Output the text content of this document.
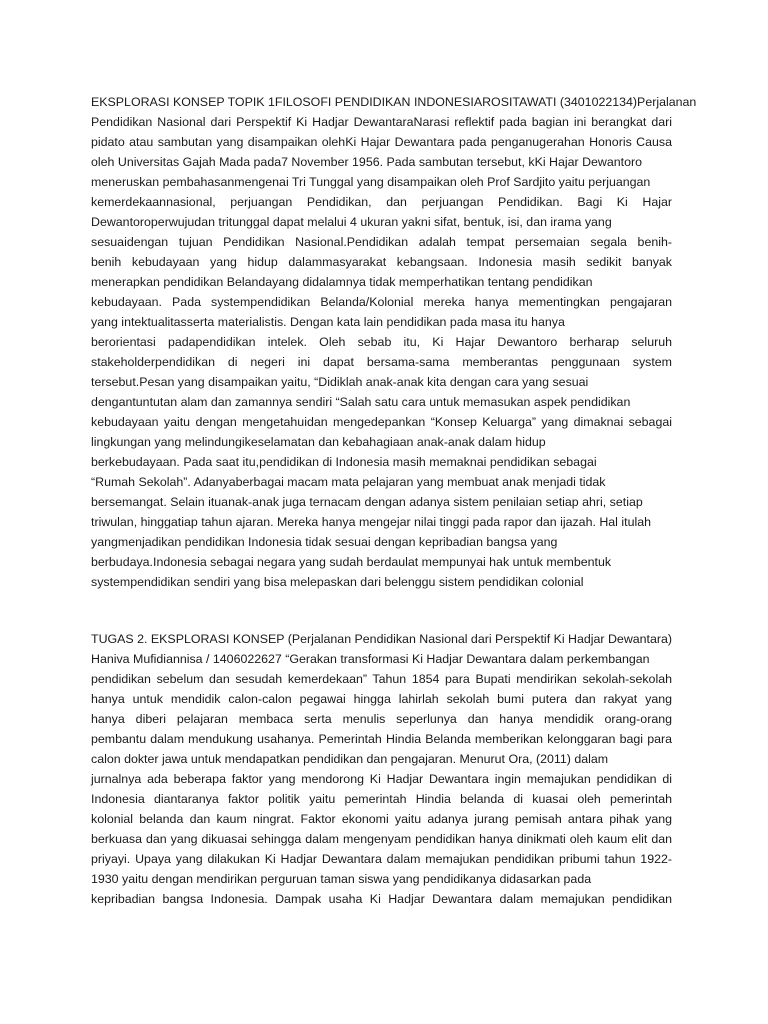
EKSPLORASI KONSEP TOPIK 1FILOSOFI PENDIDIKAN INDONESIAROSITAWATI (3401022134)Perjalanan
Pendidikan Nasional dari Perspektif Ki Hadjar DewantaraNarasi reflektif pada bagian ini berangkat dari
pidato atau sambutan yang disampaikan olehKi Hajar Dewantara pada penganugerahan Honoris Causa
oleh Universitas Gajah Mada pada7 November 1956. Pada sambutan tersebut, kKi Hajar Dewantoro
meneruskan pembahasanmengenai Tri Tunggal yang disampaikan oleh Prof Sardjito yaitu perjuangan
kemerdekaannasional, perjuangan Pendidikan, dan perjuangan Pendidikan. Bagi Ki Hajar
Dewantoroperwujudan tritunggal dapat melalui 4 ukuran yakni sifat, bentuk, isi, dan irama yang
sesuaidengan tujuan Pendidikan Nasional.Pendidikan adalah tempat persemaian segala benih-
benih kebudayaan yang hidup dalammasyarakat kebangsaan. Indonesia masih sedikit banyak
menerapkan pendidikan Belandayang didalamnya tidak memperhatikan tentang pendidikan
kebudayaan. Pada systempendidikan Belanda/Kolonial mereka hanya mementingkan pengajaran
yang intektualitasserta materialistis. Dengan kata lain pendidikan pada masa itu hanya
berorientasi padapendidikan intelek. Oleh sebab itu, Ki Hajar Dewantoro berharap seluruh
stakeholderpendidikan di negeri ini dapat bersama-sama memberantas penggunaan system
tersebut.Pesan yang disampaikan yaitu, “Didiklah anak-anak kita dengan cara yang sesuai
dengantuntutan alam dan zamannya sendiri “Salah satu cara untuk memasukan aspek pendidikan
kebudayaan yaitu dengan mengetahuidan mengedepankan “Konsep Keluarga” yang dimaknai sebagai
lingkungan yang melindungikeselamatan dan kebahagiaan anak-anak dalam hidup
berkebudayaan. Pada saat itu,pendidikan di Indonesia masih memaknai pendidikan sebagai
“Rumah Sekolah”. Adanyaberbagai macam mata pelajaran yang membuat anak menjadi tidak
bersemangat. Selain ituanak-anak juga ternacam dengan adanya sistem penilaian setiap ahri, setiap
triwulan, hinggatiap tahun ajaran. Mereka hanya mengejar nilai tinggi pada rapor dan ijazah. Hal itulah
yangmenjadikan pendidikan Indonesia tidak sesuai dengan kepribadian bangsa yang
berbudaya.Indonesia sebagai negara yang sudah berdaulat mempunyai hak untuk membentuk
systempendidikan sendiri yang bisa melepaskan dari belenggu sistem pendidikan colonial
TUGAS 2. EKSPLORASI KONSEP (Perjalanan Pendidikan Nasional dari Perspektif Ki Hadjar Dewantara)
Haniva Mufidiannisa / 1406022627 “Gerakan transformasi Ki Hadjar Dewantara dalam perkembangan
pendidikan sebelum dan sesudah kemerdekaan” Tahun 1854 para Bupati mendirikan sekolah-sekolah
hanya untuk mendidik calon-calon pegawai hingga lahirlah sekolah bumi putera dan rakyat yang
hanya diberi pelajaran membaca serta menulis seperlunya dan hanya mendidik orang-orang
pembantu dalam mendukung usahanya. Pemerintah Hindia Belanda memberikan kelonggaran bagi para
calon dokter jawa untuk mendapatkan pendidikan dan pengajaran. Menurut Ora, (2011) dalam
jurnalnya ada beberapa faktor yang mendorong Ki Hadjar Dewantara ingin memajukan pendidikan di
Indonesia diantaranya faktor politik yaitu pemerintah Hindia belanda di kuasai oleh pemerintah
kolonial belanda dan kaum ningrat. Faktor ekonomi yaitu adanya jurang pemisah antara pihak yang
berkuasa dan yang dikuasai sehingga dalam mengenyam pendidikan hanya dinikmati oleh kaum elit dan
priyayi. Upaya yang dilakukan Ki Hadjar Dewantara dalam memajukan pendidikan pribumi tahun 1922-
1930 yaitu dengan mendirikan perguruan taman siswa yang pendidikanya didasarkan pada
kepribadian bangsa Indonesia. Dampak usaha Ki Hadjar Dewantara dalam memajukan pendidikan
